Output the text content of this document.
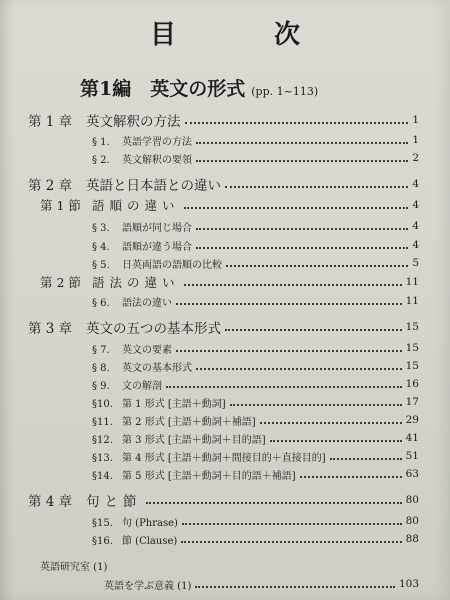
目	次
第1編　英文の形式 (pp. 1~113)
第 1 章 英文解釈の方法	1
§ 1. 英語学習の方法	1
§ 2. 英文解釈の要領	2
第 2 章 英語と日本語との違い	4
第 1 節 語順の違い	4
§ 3. 語順が同じ場合	4
§ 4. 語順が違う場合	4
§ 5. 日英両語の語順の比較	5
第 2 節 語法の違い	11
§ 6. 語法の違い	11
第 3 章 英文の五つの基本形式	15
§ 7. 英文の要素	15
§ 8. 英文の基本形式	15
§ 9. 文の解剖	16
§10. 第 1 形式 [主語＋動詞]	17
§11. 第 2 形式 [主語＋動詞＋補語]	29
§12. 第 3 形式 [主語＋動詞＋目的語]	41
§13. 第 4 形式 [主語＋動詞＋間接目的＋直接目的]	51
§14. 第 5 形式 [主語＋動詞＋目的語＋補語]	63
第 4 章 句と節	80
§15. 句 (Phrase)	80
§16. 節 (Clause)	88
英語研究室 (1)
英語を学ぶ意義 (1)	103
